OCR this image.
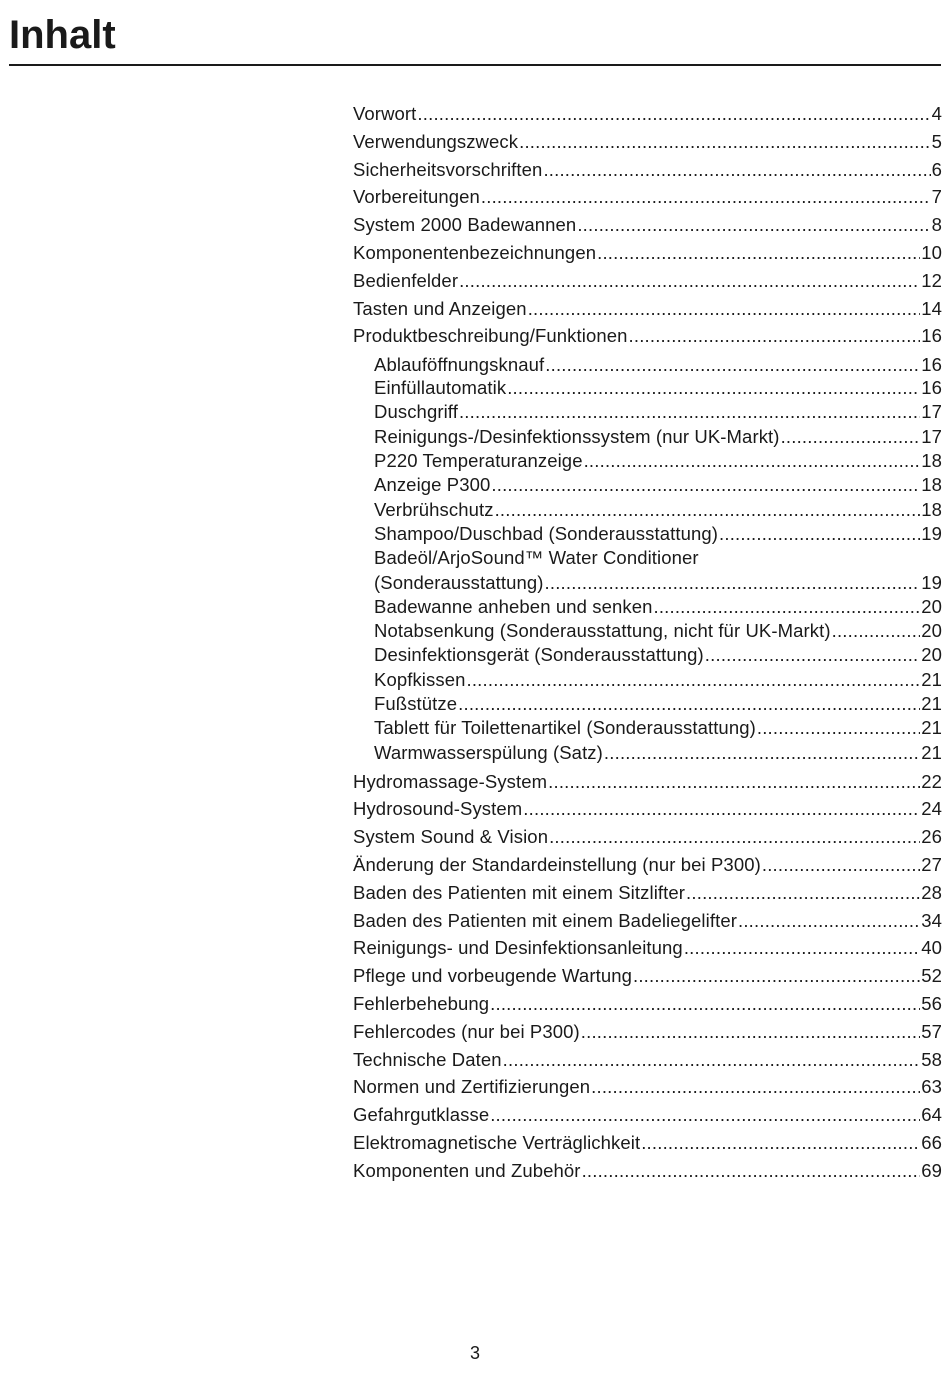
Inhalt
Vorwort .....	4
Verwendungszweck .....	5
Sicherheitsvorschriften .....	6
Vorbereitungen .....	7
System 2000 Badewannen .....	8
Komponentenbezeichnungen .....	10
Bedienfelder .....	12
Tasten und Anzeigen .....	14
Produktbeschreibung/Funktionen .....	16
Ablauföffnungsknauf .....	16
Einfüllautomatik .....	16
Duschgriff .....	17
Reinigungs-/Desinfektionssystem (nur UK-Markt) .....	17
P220 Temperaturanzeige .....	18
Anzeige P300 .....	18
Verbrühschutz .....	18
Shampoo/Duschbad (Sonderausstattung) .....	19
Badeöl/ArjoSound™ Water Conditioner
(Sonderausstattung) .....	19
Badewanne anheben und senken .....	20
Notabsenkung (Sonderausstattung, nicht für UK-Markt) .....	20
Desinfektionsgerät (Sonderausstattung) .....	20
Kopfkissen .....	21
Fußstütze .....	21
Tablett für Toilettenartikel (Sonderausstattung) .....	21
Warmwasserspülung (Satz) .....	21
Hydromassage-System .....	22
Hydrosound-System .....	24
System Sound & Vision .....	26
Änderung der Standardeinstellung (nur bei P300) .....	27
Baden des Patienten mit einem Sitzlifter .....	28
Baden des Patienten mit einem Badeliegelifter .....	34
Reinigungs- und Desinfektionsanleitung .....	40
Pflege und vorbeugende Wartung .....	52
Fehlerbehebung .....	56
Fehlercodes (nur bei P300) .....	57
Technische Daten .....	58
Normen und Zertifizierungen .....	63
Gefahrgutklasse .....	64
Elektromagnetische Verträglichkeit .....	66
Komponenten und Zubehör .....	69

3
